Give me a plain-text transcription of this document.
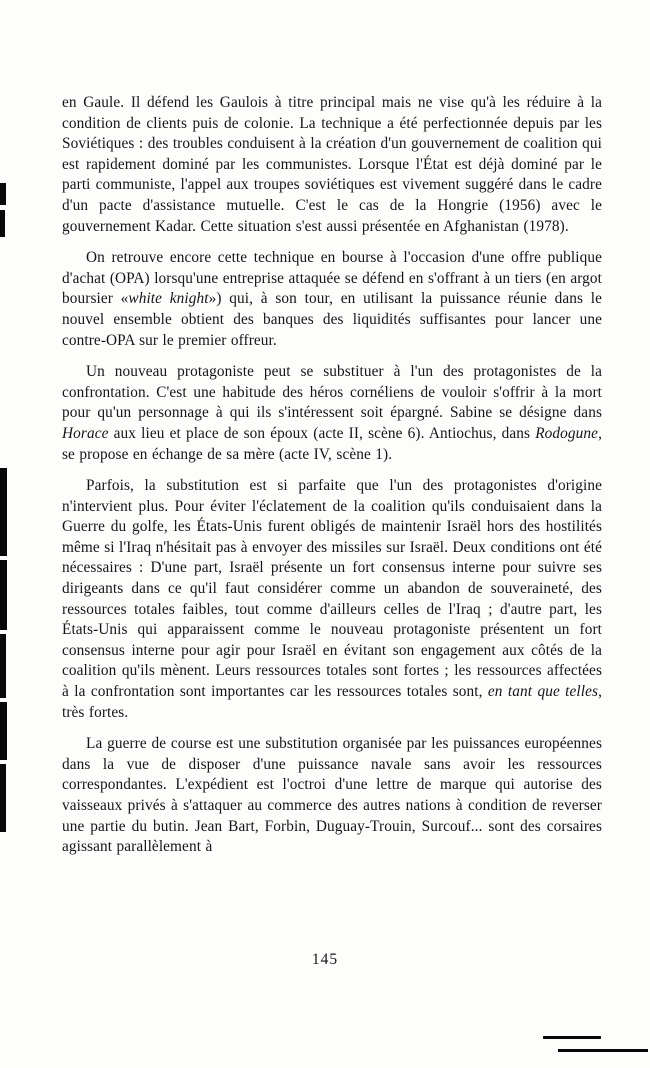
en Gaule. Il défend les Gaulois à titre principal mais ne vise qu'à les réduire à la condition de clients puis de colonie. La technique a été perfectionnée depuis par les Soviétiques : des troubles conduisent à la création d'un gouvernement de coalition qui est rapidement dominé par les communistes. Lorsque l'État est déjà dominé par le parti communiste, l'appel aux troupes soviétiques est vivement suggéré dans le cadre d'un pacte d'assistance mutuelle. C'est le cas de la Hongrie (1956) avec le gouvernement Kadar. Cette situation s'est aussi présentée en Afghanistan (1978).

On retrouve encore cette technique en bourse à l'occasion d'une offre publique d'achat (OPA) lorsqu'une entreprise attaquée se défend en s'offrant à un tiers (en argot boursier «white knight») qui, à son tour, en utilisant la puissance réunie dans le nouvel ensemble obtient des banques des liquidités suffisantes pour lancer une contre-OPA sur le premier offreur.

Un nouveau protagoniste peut se substituer à l'un des protagonistes de la confrontation. C'est une habitude des héros cornéliens de vouloir s'offrir à la mort pour qu'un personnage à qui ils s'intéressent soit épargné. Sabine se désigne dans Horace aux lieu et place de son époux (acte II, scène 6). Antiochus, dans Rodogune, se propose en échange de sa mère (acte IV, scène 1).

Parfois, la substitution est si parfaite que l'un des protagonistes d'origine n'intervient plus. Pour éviter l'éclatement de la coalition qu'ils conduisaient dans la Guerre du golfe, les États-Unis furent obligés de maintenir Israël hors des hostilités même si l'Iraq n'hésitait pas à envoyer des missiles sur Israël. Deux conditions ont été nécessaires : D'une part, Israël présente un fort consensus interne pour suivre ses dirigeants dans ce qu'il faut considérer comme un abandon de souveraineté, des ressources totales faibles, tout comme d'ailleurs celles de l'Iraq ; d'autre part, les États-Unis qui apparaissent comme le nouveau protagoniste présentent un fort consensus interne pour agir pour Israël en évitant son engagement aux côtés de la coalition qu'ils mènent. Leurs ressources totales sont fortes ; les ressources affectées à la confrontation sont importantes car les ressources totales sont, en tant que telles, très fortes.

La guerre de course est une substitution organisée par les puissances européennes dans la vue de disposer d'une puissance navale sans avoir les ressources correspondantes. L'expédient est l'octroi d'une lettre de marque qui autorise des vaisseaux privés à s'attaquer au commerce des autres nations à condition de reverser une partie du butin. Jean Bart, Forbin, Duguay-Trouin, Surcouf... sont des corsaires agissant parallèlement à

145
